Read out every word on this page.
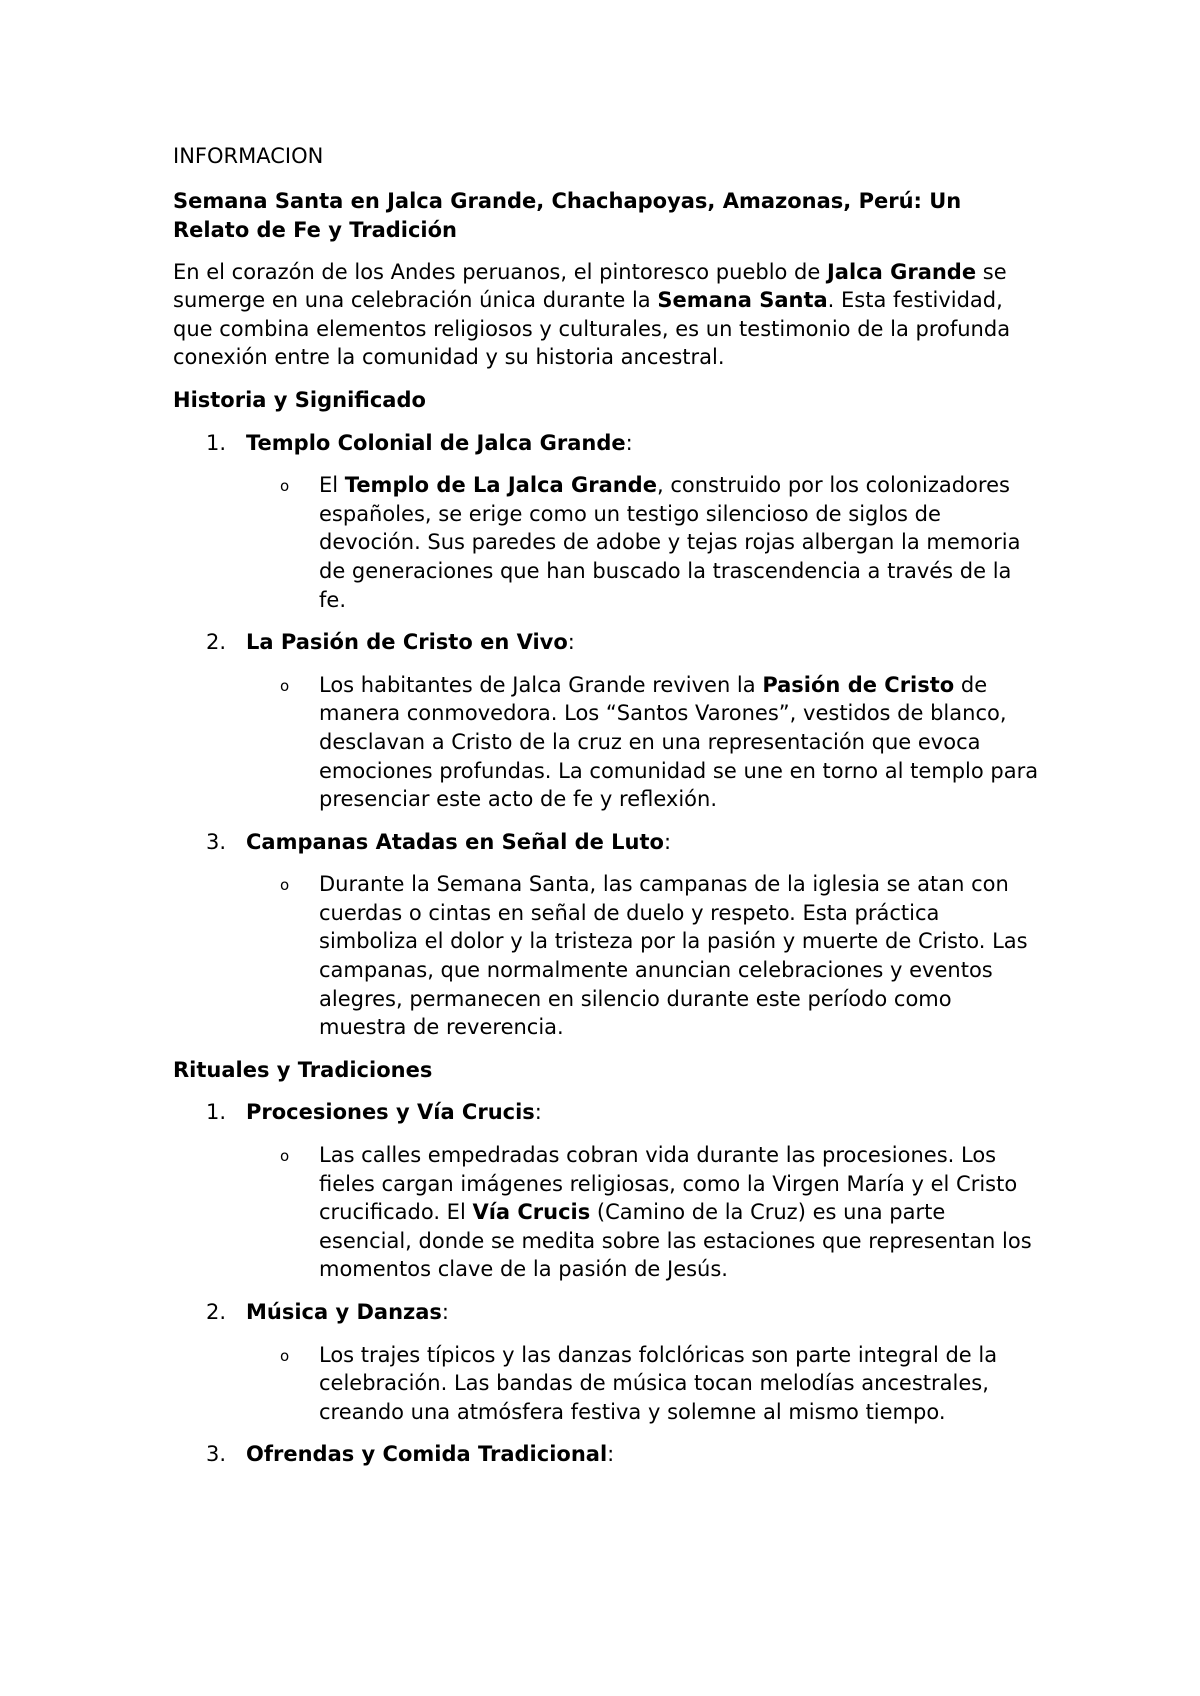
INFORMACION
Semana Santa en Jalca Grande, Chachapoyas, Amazonas, Perú: Un Relato de Fe y Tradición

En el corazón de los Andes peruanos, el pintoresco pueblo de Jalca Grande se sumerge en una celebración única durante la Semana Santa. Esta festividad, que combina elementos religiosos y culturales, es un testimonio de la profunda conexión entre la comunidad y su historia ancestral.

Historia y Significado
1. Templo Colonial de Jalca Grande:
o El Templo de La Jalca Grande, construido por los colonizadores españoles, se erige como un testigo silencioso de siglos de devoción. Sus paredes de adobe y tejas rojas albergan la memoria de generaciones que han buscado la trascendencia a través de la fe.
2. La Pasión de Cristo en Vivo:
o Los habitantes de Jalca Grande reviven la Pasión de Cristo de manera conmovedora. Los “Santos Varones”, vestidos de blanco, desclavan a Cristo de la cruz en una representación que evoca emociones profundas. La comunidad se une en torno al templo para presenciar este acto de fe y reflexión.
3. Campanas Atadas en Señal de Luto:
o Durante la Semana Santa, las campanas de la iglesia se atan con cuerdas o cintas en señal de duelo y respeto. Esta práctica simboliza el dolor y la tristeza por la pasión y muerte de Cristo. Las campanas, que normalmente anuncian celebraciones y eventos alegres, permanecen en silencio durante este período como muestra de reverencia.
Rituales y Tradiciones
1. Procesiones y Vía Crucis:
o Las calles empedradas cobran vida durante las procesiones. Los fieles cargan imágenes religiosas, como la Virgen María y el Cristo crucificado. El Vía Crucis (Camino de la Cruz) es una parte esencial, donde se medita sobre las estaciones que representan los momentos clave de la pasión de Jesús.
2. Música y Danzas:
o Los trajes típicos y las danzas folclóricas son parte integral de la celebración. Las bandas de música tocan melodías ancestrales, creando una atmósfera festiva y solemne al mismo tiempo.
3. Ofrendas y Comida Tradicional:
